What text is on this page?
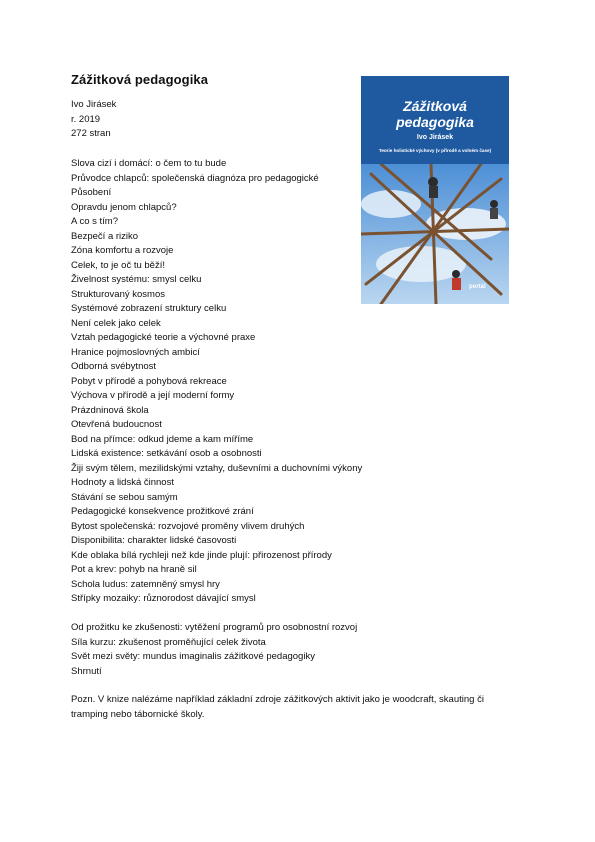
Zážitková pedagogika
Ivo Jirásek
r. 2019
272 stran
Slova cizí i domácí: o čem to tu bude
Průvodce chlapců: společenská diagnóza pro pedagogické
Působení
Opravdu jenom chlapců?
A co s tím?
Bezpečí a riziko
Zóna komfortu a rozvoje
Celek, to je oč tu běží!
Živelnost systému: smysl celku
Strukturovaný kosmos
Systémové zobrazení struktury celku
Není celek jako celek
Vztah pedagogické teorie a výchovné praxe
Hranice pojmoslovných ambicí
Odborná svébytnost
Pobyt v přírodě a pohybová rekreace
Výchova v přírodě a její moderní formy
Prázdninová škola
Otevřená budoucnost
Bod na přímce: odkud jdeme a kam míříme
Lidská existence: setkávání osob a osobnosti
Žiji svým tělem, mezilidskými vztahy, duševními a duchovními výkony
Hodnoty a lidská činnost
Stávání se sebou samým
Pedagogické konsekvence prožitkové zrání
Bytost společenská: rozvojové proměny vlivem druhých
Disponibilita: charakter lidské časovosti
Kde oblaka bílá rychleji než kde jinde plují: přirozenost přírody
Pot a krev: pohyb na hraně sil
Schola ludus: zatemněný smysl hry
Střípky mozaiky: různorodost dávající smysl
Od prožitku ke zkušenosti: vytěžení programů pro osobnostní rozvoj
Síla kurzu: zkušenost proměňující celek života
Svět mezi světy: mundus imaginalis zážitkové pedagogiky
Shrnutí
Pozn. V knize nalézáme například základní zdroje zážitkových aktivit jako je woodcraft, skauting či tramping nebo tábornické školy.
Zážitková
pedagogika
Ivo Jirásek
Teorie holistické výchovy (v přírodě a volném čase)
portál
